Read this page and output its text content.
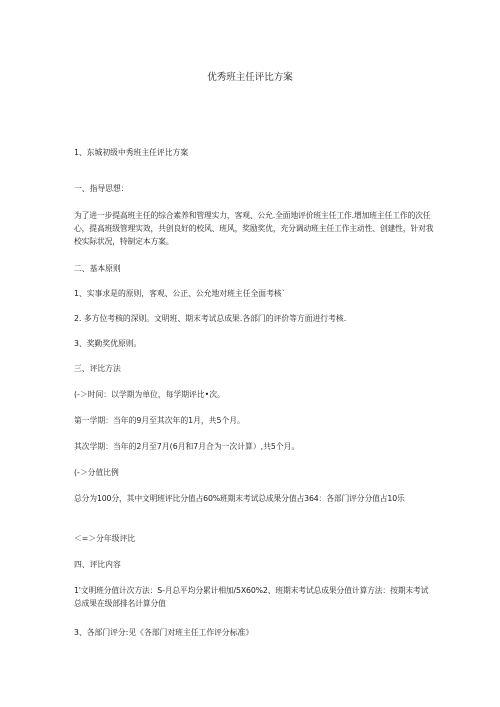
优秀班主任评比方案
1、东城初级中秀班主任评比方案
一、指导思想：
为了进一步提高班主任的综合素养和管理实力，客观、公允.全面地评价班主任工作.增加班主任工作的次任心，提高班级管理实效，共创良好的校风、班风，奖励奖优，充分调动班主任工作主动性、创建性，针对我校实际状况，特制定本方案。
二、基本原则
1、实事求是的原则，客观、公正、公允地对班主任全面考核`
2. 多方位考核的深则。文明班、期末考试总成果.各部门的评价等方面进行考核.
3、奖勤奖优原则。
三、评比方法
(-＞时间：以学期为单位，每学期评比•次。
第一学期：当年的9月至其次年的1月，共5个月。
其次学期：当年的2月至7月(6月和7月合为一次计算）,共5个月。
(-＞分值比例
总分为100分，其中文明班评比分值占60%班期末考试总成果分值占364：各部门评分分值占10乐
＜=＞分年级评比
四、评比内容
1'文明班分值计次方法：S-月总平均分累计相加/5X60%2、班期末考试总成果分值计算方法：按期末考试总成果在级部排名计算分值
3、各部门评分:见《各部门对班主任工作评分标准》
